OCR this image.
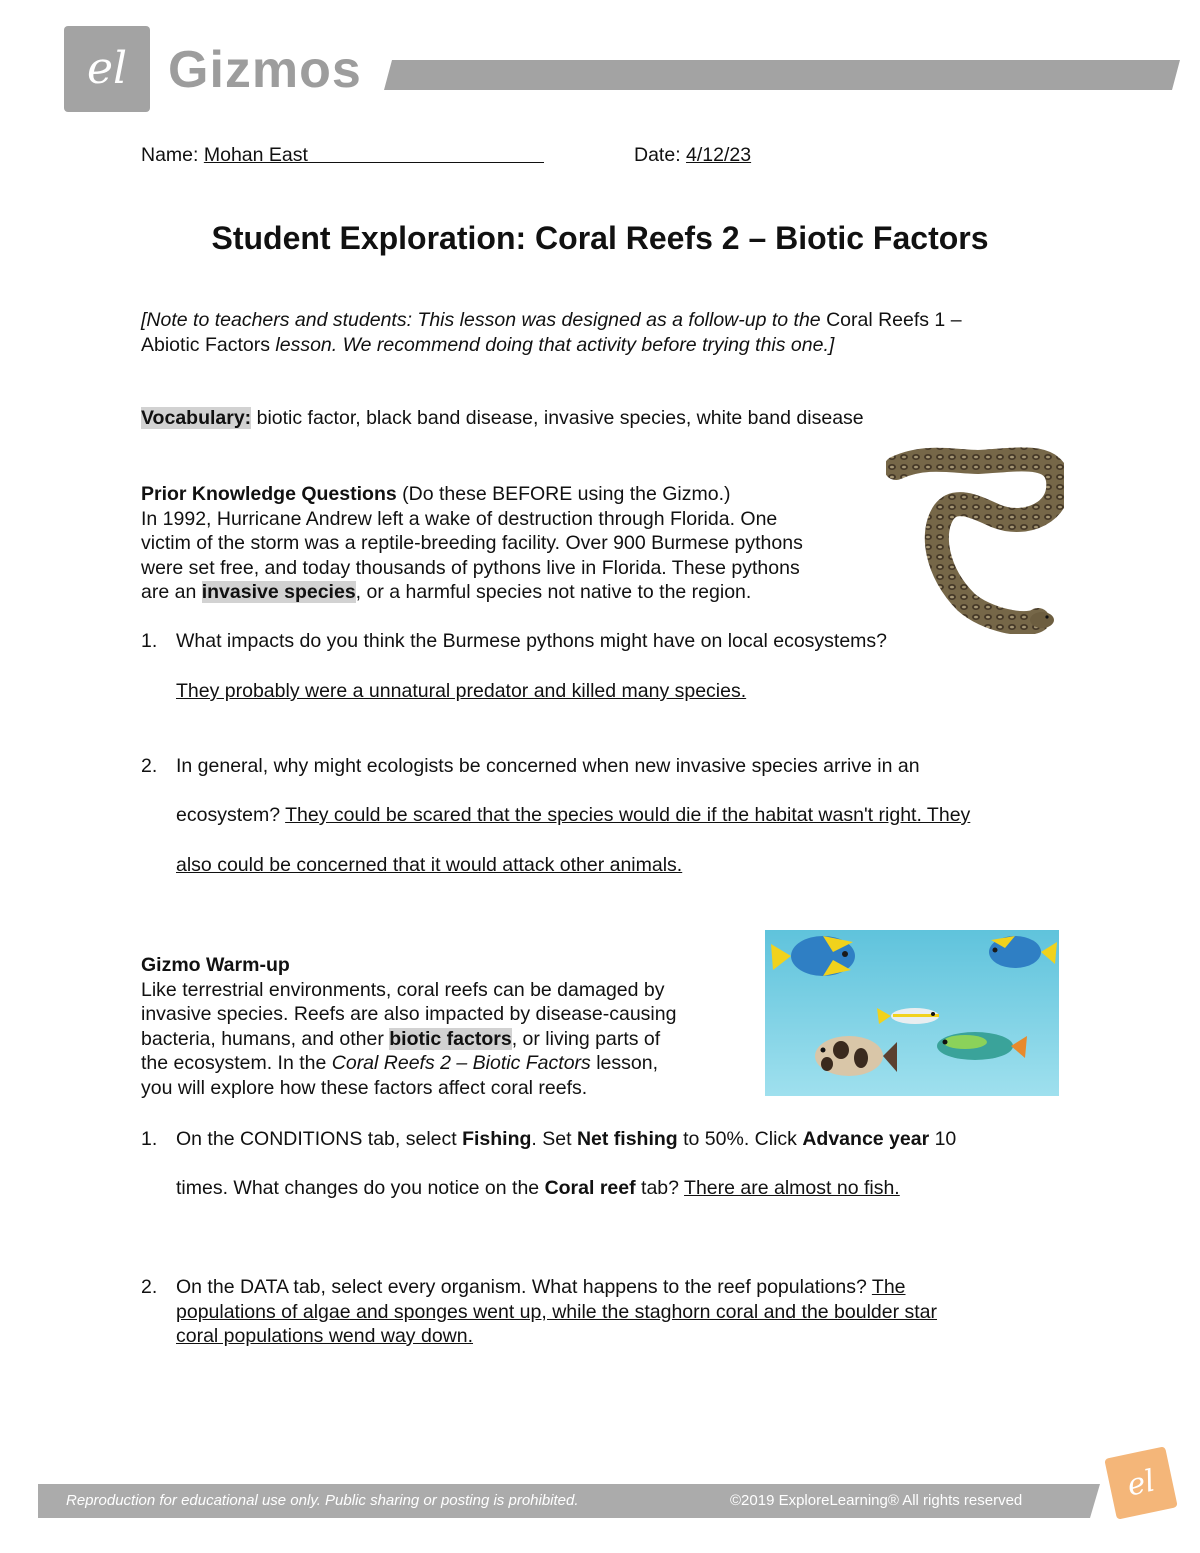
el Gizmos
Name: Mohan East	Date: 4/12/23
Student Exploration: Coral Reefs 2 – Biotic Factors
[Note to teachers and students: This lesson was designed as a follow-up to the Coral Reefs 1 –
Abiotic Factors lesson. We recommend doing that activity before trying this one.]
Vocabulary: biotic factor, black band disease, invasive species, white band disease
Prior Knowledge Questions (Do these BEFORE using the Gizmo.)
In 1992, Hurricane Andrew left a wake of destruction through Florida. One
victim of the storm was a reptile-breeding facility. Over 900 Burmese pythons
were set free, and today thousands of pythons live in Florida. These pythons
are an invasive species, or a harmful species not native to the region.
1. What impacts do you think the Burmese pythons might have on local ecosystems?
They probably were a unnatural predator and killed many species.
2. In general, why might ecologists be concerned when new invasive species arrive in an
ecosystem? They could be scared that the species would die if the habitat wasn't right. They
also could be concerned that it would attack other animals.
Gizmo Warm-up
Like terrestrial environments, coral reefs can be damaged by
invasive species. Reefs are also impacted by disease-causing
bacteria, humans, and other biotic factors, or living parts of
the ecosystem. In the Coral Reefs 2 – Biotic Factors lesson,
you will explore how these factors affect coral reefs.
1. On the CONDITIONS tab, select Fishing. Set Net fishing to 50%. Click Advance year 10
times. What changes do you notice on the Coral reef tab? There are almost no fish.
2. On the DATA tab, select every organism. What happens to the reef populations? The
populations of algae and sponges went up, while the staghorn coral and the boulder star
coral populations wend way down.
Reproduction for educational use only. Public sharing or posting is prohibited.	©2019 ExploreLearning® All rights reserved	el
